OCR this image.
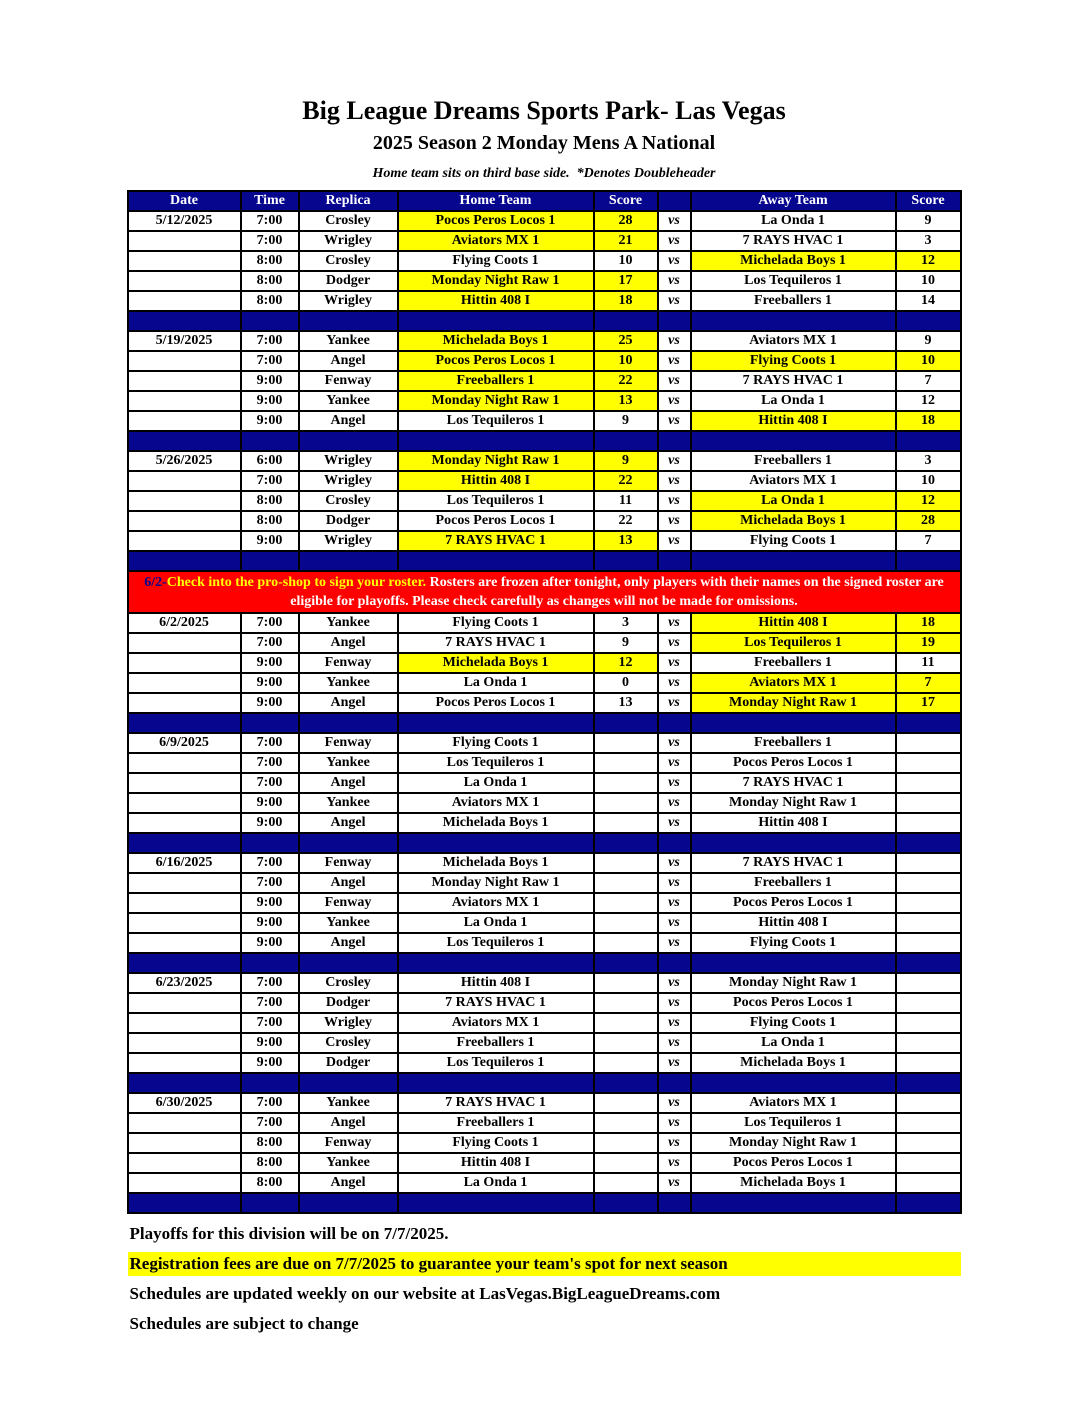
Big League Dreams Sports Park- Las Vegas
2025 Season 2 Monday Mens A National
Home team sits on third base side.  *Denotes Doubleheader
Date	Time	Replica	Home Team	Score		Away Team	Score
5/12/2025	7:00	Crosley	Pocos Peros Locos 1	28	vs	La Onda 1	9
	7:00	Wrigley	Aviators MX 1	21	vs	7 RAYS HVAC 1	3
	8:00	Crosley	Flying Coots 1	10	vs	Michelada Boys 1	12
	8:00	Dodger	Monday Night Raw 1	17	vs	Los Tequileros 1	10
	8:00	Wrigley	Hittin 408 I	18	vs	Freeballers 1	14

5/19/2025	7:00	Yankee	Michelada Boys 1	25	vs	Aviators MX 1	9
	7:00	Angel	Pocos Peros Locos 1	10	vs	Flying Coots 1	10
	9:00	Fenway	Freeballers 1	22	vs	7 RAYS HVAC 1	7
	9:00	Yankee	Monday Night Raw 1	13	vs	La Onda 1	12
	9:00	Angel	Los Tequileros 1	9	vs	Hittin 408 I	18

5/26/2025	6:00	Wrigley	Monday Night Raw 1	9	vs	Freeballers 1	3
	7:00	Wrigley	Hittin 408 I	22	vs	Aviators MX 1	10
	8:00	Crosley	Los Tequileros 1	11	vs	La Onda 1	12
	8:00	Dodger	Pocos Peros Locos 1	22	vs	Michelada Boys 1	28
	9:00	Wrigley	7 RAYS HVAC 1	13	vs	Flying Coots 1	7

6/2-Check into the pro-shop to sign your roster. Rosters are frozen after tonight, only players with their names on the signed roster are eligible for playoffs. Please check carefully as changes will not be made for omissions.							
6/2/2025	7:00	Yankee	Flying Coots 1	3	vs	Hittin 408 I	18
	7:00	Angel	7 RAYS HVAC 1	9	vs	Los Tequileros 1	19
	9:00	Fenway	Michelada Boys 1	12	vs	Freeballers 1	11
	9:00	Yankee	La Onda 1	0	vs	Aviators MX 1	7
	9:00	Angel	Pocos Peros Locos 1	13	vs	Monday Night Raw 1	17

6/9/2025	7:00	Fenway	Flying Coots 1		vs	Freeballers 1	
	7:00	Yankee	Los Tequileros 1		vs	Pocos Peros Locos 1	
	7:00	Angel	La Onda 1		vs	7 RAYS HVAC 1	
	9:00	Yankee	Aviators MX 1		vs	Monday Night Raw 1	
	9:00	Angel	Michelada Boys 1		vs	Hittin 408 I	

6/16/2025	7:00	Fenway	Michelada Boys 1		vs	7 RAYS HVAC 1	
	7:00	Angel	Monday Night Raw 1		vs	Freeballers 1	
	9:00	Fenway	Aviators MX 1		vs	Pocos Peros Locos 1	
	9:00	Yankee	La Onda 1		vs	Hittin 408 I	
	9:00	Angel	Los Tequileros 1		vs	Flying Coots 1	

6/23/2025	7:00	Crosley	Hittin 408 I		vs	Monday Night Raw 1	
	7:00	Dodger	7 RAYS HVAC 1		vs	Pocos Peros Locos 1	
	7:00	Wrigley	Aviators MX 1		vs	Flying Coots 1	
	9:00	Crosley	Freeballers 1		vs	La Onda 1	
	9:00	Dodger	Los Tequileros 1		vs	Michelada Boys 1	

6/30/2025	7:00	Yankee	7 RAYS HVAC 1		vs	Aviators MX 1	
	7:00	Angel	Freeballers 1		vs	Los Tequileros 1	
	8:00	Fenway	Flying Coots 1		vs	Monday Night Raw 1	
	8:00	Yankee	Hittin 408 I		vs	Pocos Peros Locos 1	
	8:00	Angel	La Onda 1		vs	Michelada Boys 1	

Playoffs for this division will be on 7/7/2025.
Registration fees are due on 7/7/2025 to guarantee your team's spot for next season
Schedules are updated weekly on our website at LasVegas.BigLeagueDreams.com
Schedules are subject to change
